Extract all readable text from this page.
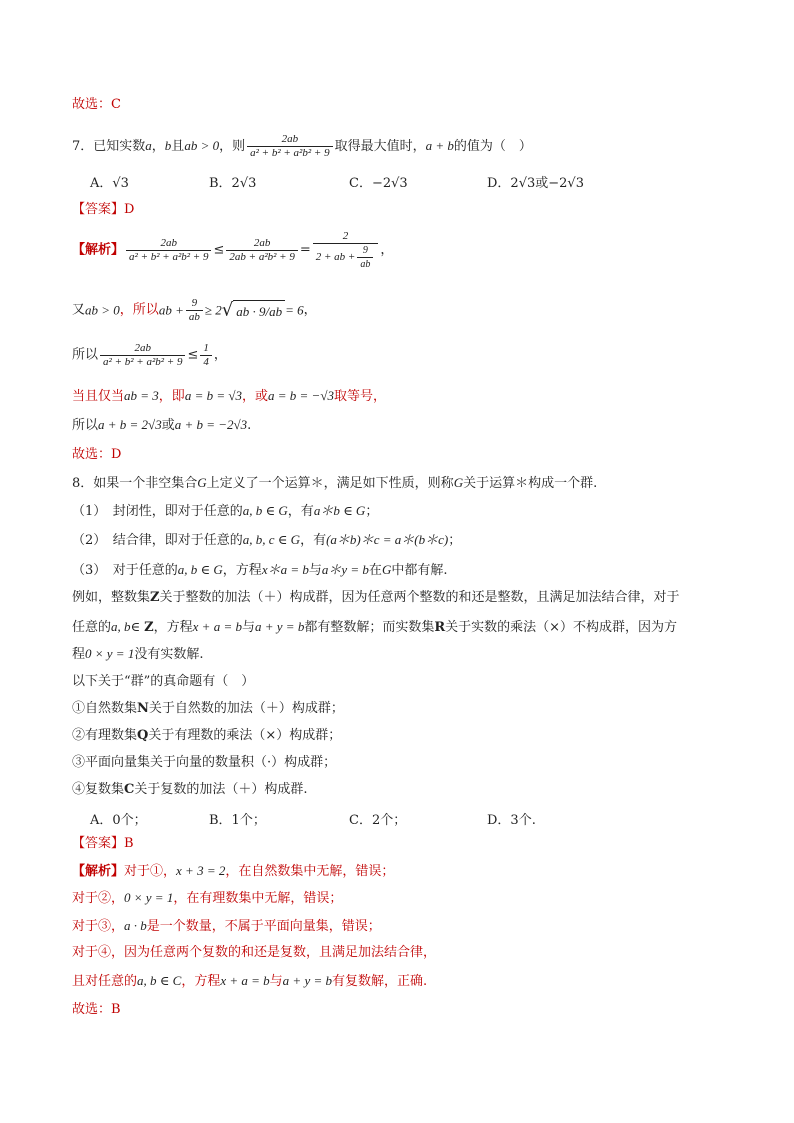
故选：C
7．已知实数a，b且ab > 0，则 $\frac{2ab}{\text{a² + b² + a²b² + 9}}$ 取得最大值时，a + b的值为（　）
A．√3	B．2√3	C．−2√3	D．2√3或−2√3
【答案】D
【解析】 $\frac{2ab}{\text{a² + b² + a²b² + 9}} \le \frac{2ab}{\text{2ab + a²b² + 9}} = \frac{2}{2 + ab + \frac{9}{ab}}$ ，
又ab > 0，所以ab + $\frac{9}{ab} \ge 2√$ ab · 9/ab = 6，
所以 $\frac{2ab}{\text{a² + b² + a²b² + 9}} \le \frac{1}{4}$ ，
当且仅当ab = 3，即a = b = √3，或a = b = −√3取等号，
所以a + b = 2√3或a + b = −2√3.
故选：D
8．如果一个非空集合G上定义了一个运算＊，满足如下性质，则称G关于运算＊构成一个群.
（1）　封闭性，即对于任意的a, b ∈ G，有a＊b ∈ G；
（2）　结合律，即对于任意的a, b, c ∈ G，有(a＊b)＊c = a＊(b＊c)；
（3）　对于任意的a, b ∈ G，方程x＊a = b与a＊y = b在G中都有解.
例如，整数集Z关于整数的加法（＋）构成群，因为任意两个整数的和还是整数，且满足加法结合律，对于
任意的a, b∈ Z，方程x + a = b与a + y = b都有整数解；而实数集R关于实数的乘法（×）不构成群，因为方
程0 × y = 1没有实数解.
以下关于“群”的真命题有（　）
①自然数集N关于自然数的加法（＋）构成群；
②有理数集Q关于有理数的乘法（×）构成群；
③平面向量集关于向量的数量积（·）构成群；
④复数集C关于复数的加法（＋）构成群.
A．0个；	B．1个；	C．2个；	D．3个.
【答案】B
【解析】对于①，x + 3 = 2，在自然数集中无解，错误；
对于②，0 × y = 1，在有理数集中无解，错误；
对于③，a · b是一个数量，不属于平面向量集，错误；
对于④，因为任意两个复数的和还是复数，且满足加法结合律，
且对任意的a, b ∈ C，方程x + a = b与a + y = b有复数解，正确.
故选：B
